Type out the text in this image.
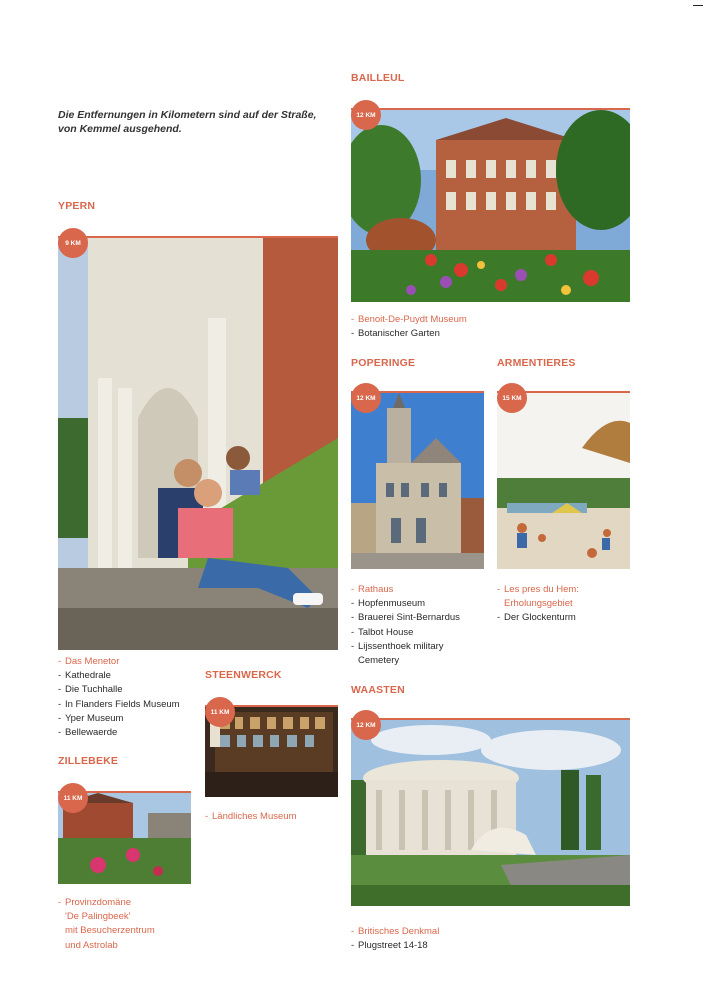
Die Entfernungen in Kilometern sind auf der Straße, von Kemmel ausgehend.
BAILLEUL
12 KM
- Benoit-De-Puydt Museum
- Botanischer Garten
YPERN
9 KM
- Das Menetor
- Kathedrale
- Die Tuchhalle
- In Flanders Fields Museum
- Yper Museum
- Bellewaerde
POPERINGE
12 KM
- Rathaus
- Hopfenmuseum
- Brauerei Sint-Bernardus
- Talbot House
- Lijssenthoek military
Cemetery
ARMENTIERES
15 KM
- Les pres du Hem:
Erholungsgebiet
- Der Glockenturm
STEENWERCK
11 KM
- Ländliches Museum
ZILLEBEKE
11 KM
- Provinzdomäne
'De Palingbeek'
mit Besucherzentrum
und Astrolab
WAASTEN
12 KM
- Britisches Denkmal
- Plugstreet 14-18
